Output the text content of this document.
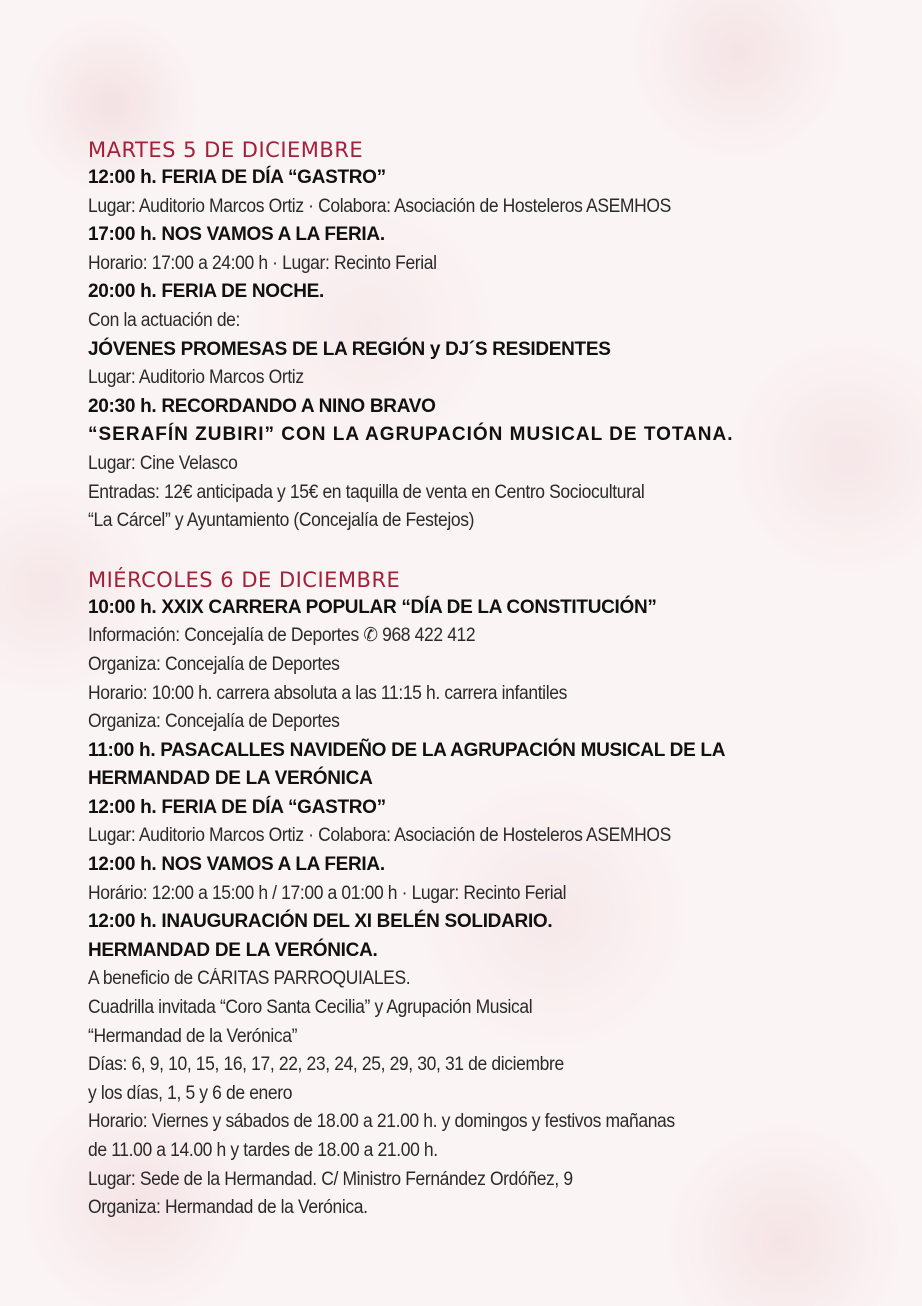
MARTES 5 DE DICIEMBRE
12:00 h. FERIA DE DÍA “GASTRO”
Lugar: Auditorio Marcos Ortiz · Colabora: Asociación de Hosteleros ASEMHOS
17:00 h. NOS VAMOS A LA FERIA.
Horario: 17:00 a 24:00 h · Lugar: Recinto Ferial
20:00 h. FERIA DE NOCHE.
Con la actuación de:
JÓVENES PROMESAS DE LA REGIÓN y DJ´S RESIDENTES
Lugar: Auditorio Marcos Ortiz
20:30 h. RECORDANDO A NINO BRAVO
“SERAFÍN ZUBIRI” CON LA AGRUPACIÓN MUSICAL DE TOTANA.
Lugar: Cine Velasco
Entradas: 12€ anticipada y 15€ en taquilla de venta en Centro Sociocultural
“La Cárcel” y Ayuntamiento (Concejalía de Festejos)
MIÉRCOLES 6 DE DICIEMBRE
10:00 h. XXIX CARRERA POPULAR “DÍA DE LA CONSTITUCIÓN”
Información: Concejalía de Deportes ✆ 968 422 412
Organiza: Concejalía de Deportes
Horario: 10:00 h. carrera absoluta a las 11:15 h. carrera infantiles
Organiza: Concejalía de Deportes
11:00 h. PASACALLES NAVIDEÑO DE LA AGRUPACIÓN MUSICAL DE LA
HERMANDAD DE LA VERÓNICA
12:00 h. FERIA DE DÍA “GASTRO”
Lugar: Auditorio Marcos Ortiz · Colabora: Asociación de Hosteleros ASEMHOS
12:00 h. NOS VAMOS A LA FERIA.
Horário: 12:00 a 15:00 h / 17:00 a 01:00 h · Lugar: Recinto Ferial
12:00 h. INAUGURACIÓN DEL XI BELÉN SOLIDARIO.
HERMANDAD DE LA VERÓNICA.
A beneficio de CÁRITAS PARROQUIALES.
Cuadrilla invitada “Coro Santa Cecilia” y Agrupación Musical
“Hermandad de la Verónica”
Días: 6, 9, 10, 15, 16, 17, 22, 23, 24, 25, 29, 30, 31 de diciembre
y los días, 1, 5 y 6 de enero
Horario: Viernes y sábados de 18.00 a 21.00 h. y domingos y festivos mañanas
de 11.00 a 14.00 h y tardes de 18.00 a 21.00 h.
Lugar: Sede de la Hermandad. C/ Ministro Fernández Ordóñez, 9
Organiza: Hermandad de la Verónica.
